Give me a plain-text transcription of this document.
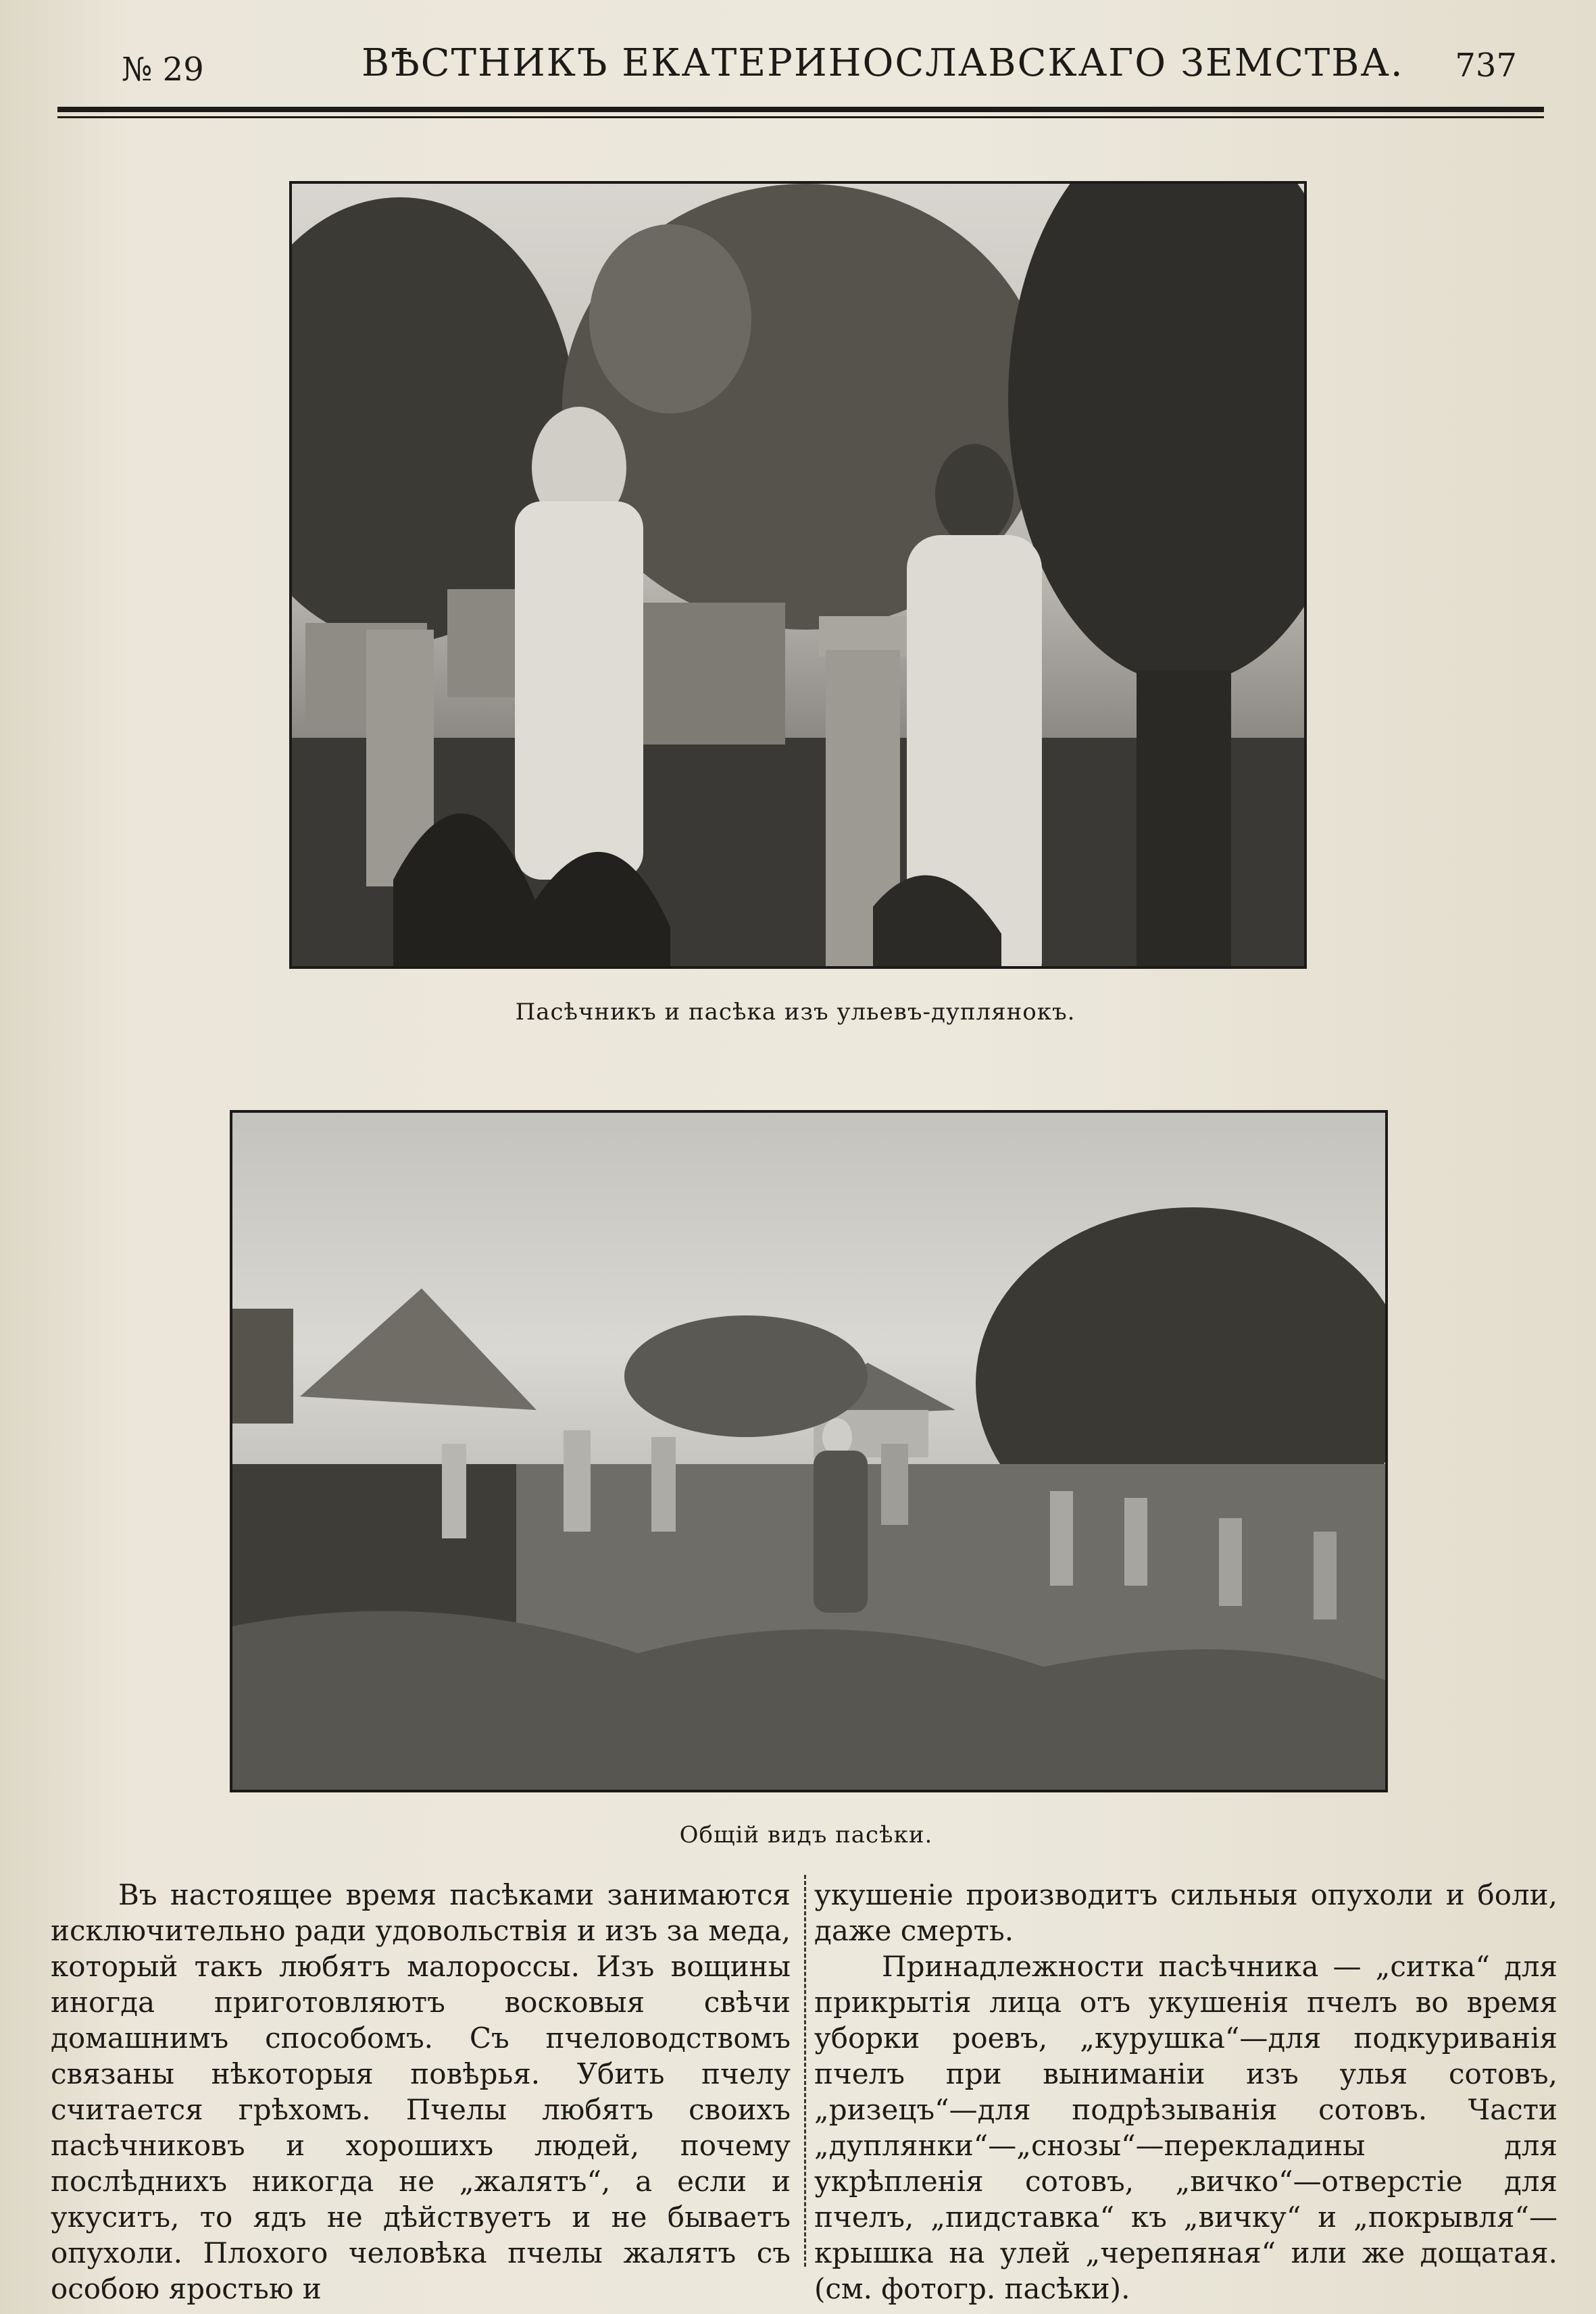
№ 29	ВѢСТНИКЪ ЕКАТЕРИНОСЛАВСКАГО ЗЕМСТВА. 737
Пасѣчникъ и пасѣка изъ ульевъ-дуплянокъ.
Общій видъ пасѣки.

Въ настоящее время пасѣками занимаются исключительно ради удовольствія и изъ за меда, который такъ любятъ малороссы. Изъ вощины иногда приготовляютъ восковыя свѣчи домашнимъ способомъ. Съ пчеловодствомъ связаны нѣкоторыя повѣрья. Убить пчелу считается грѣхомъ. Пчелы любятъ своихъ пасѣчниковъ и хорошихъ людей, почему послѣднихъ никогда не „жалятъ“, а если и укуситъ, то ядъ не дѣйствуетъ и не бываетъ опухоли. Плохого человѣка пчелы жалятъ съ особою яростью и

укушеніе производитъ сильныя опухоли и боли, даже смерть.

Принадлежности пасѣчника — „ситка“ для прикрытія лица отъ укушенія пчелъ во время уборки роевъ, „курушка“—для подкуриванія пчелъ при выниманіи изъ улья сотовъ, „ризецъ“—для подрѣзыванія сотовъ. Части „дуплянки“—„снозы“—перекладины для укрѣпленія сотовъ, „вичко“—отверстіе для пчелъ, „пидставка“ къ „вичку“ и „покрывля“—крышка на улей „черепяная“ или же дощатая. (см. фотогр. пасѣки).
